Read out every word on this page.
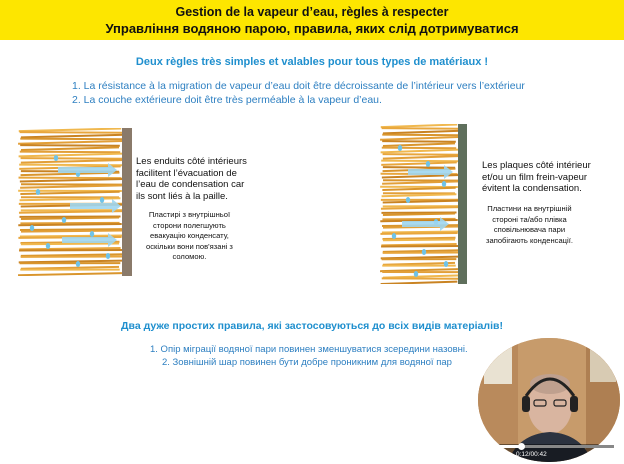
Gestion de la vapeur d’eau, règles à respecter
Управління водяною парою, правила, яких слід дотримуватися
Deux règles très simples et valables pour tous types de matériaux !
1. La résistance à la migration de vapeur d’eau doit être décroissante de l’intérieur vers l’extérieur
2. La couche extérieure doit être très perméable à la vapeur d’eau.
Les enduits côté intérieurs
facilitent l’évacuation de
l’eau de condensation car
ils sont liés à la paille.
Пластирі з внутрішньої
сторони полегшують
евакуацію конденсату,
оскільки вони пов'язані з
соломою.
Les plaques côté intérieur
et/ou un film frein-vapeur
évitent la condensation.
Пластини на внутрішній
стороні та/або плівка
сповільнювача пари
запобігають конденсації.
Два дуже простих правила, які застосовуються до всіх видів матеріалів!
1. Опір міграції водяної пари повинен зменшуватися зсередини назовні.
2. Зовнішній шар повинен бути добре проникним для водяної пар
▶ ◀) 0:12/00:42	⚙ 1x ⛶
